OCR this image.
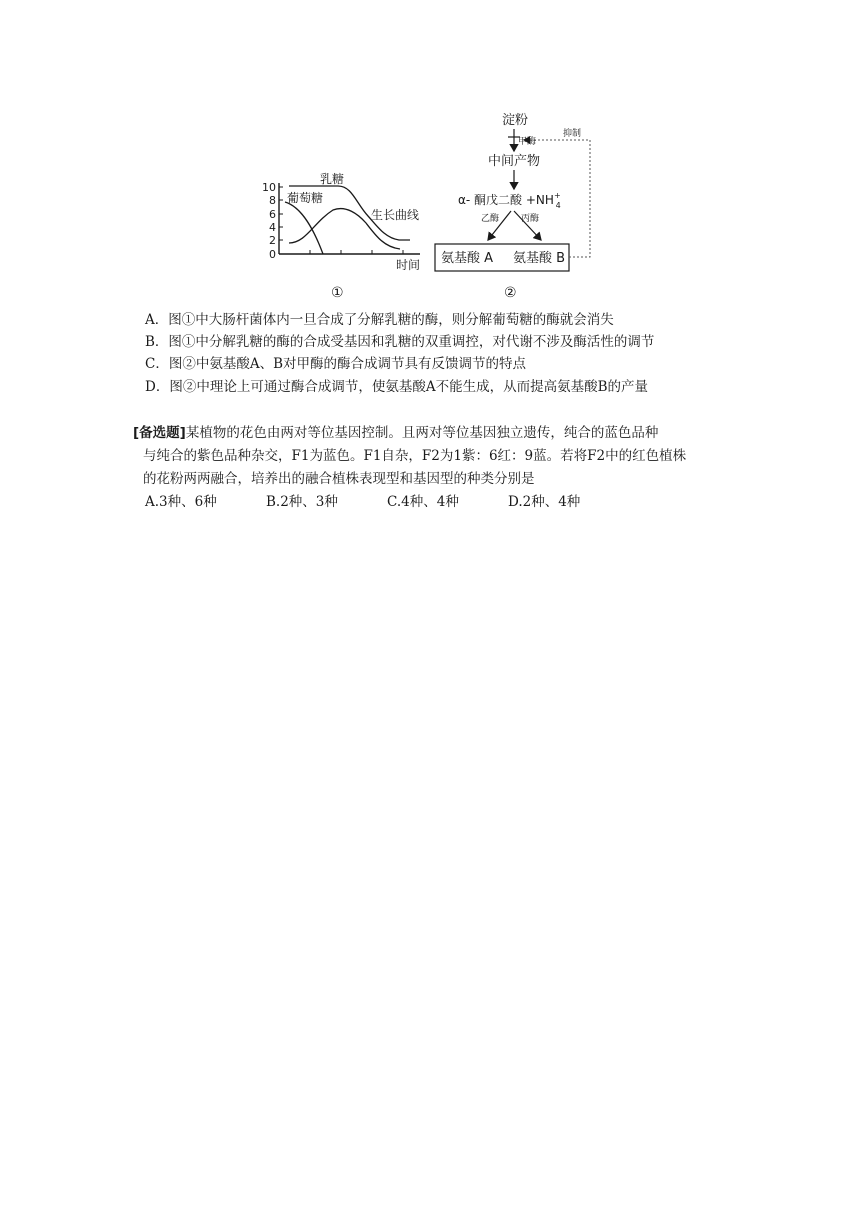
10
8
6
4
2
0
乳糖
葡萄糖
生长曲线
时间
①
淀粉
甲酶
抑制
中间产物
α- 酮戊二酸 +NH+ 4
乙酶 丙酶
氨基酸 A 氨基酸 B
②
A．图①中大肠杆菌体内一旦合成了分解乳糖的酶，则分解葡萄糖的酶就会消失
B．图①中分解乳糖的酶的合成受基因和乳糖的双重调控，对代谢不涉及酶活性的调节
C．图②中氨基酸A、B对甲酶的酶合成调节具有反馈调节的特点
D．图②中理论上可通过酶合成调节，使氨基酸A不能生成，从而提高氨基酸B的产量
[备选题]某植物的花色由两对等位基因控制。且两对等位基因独立遗传，纯合的蓝色品种
与纯合的紫色品种杂交，F1为蓝色。F1自杂，F2为1紫：6红：9蓝。若将F2中的红色植株
的花粉两两融合，培养出的融合植株表现型和基因型的种类分别是
A.3种、6种	B.2种、3种	C.4种、4种	D.2种、4种
